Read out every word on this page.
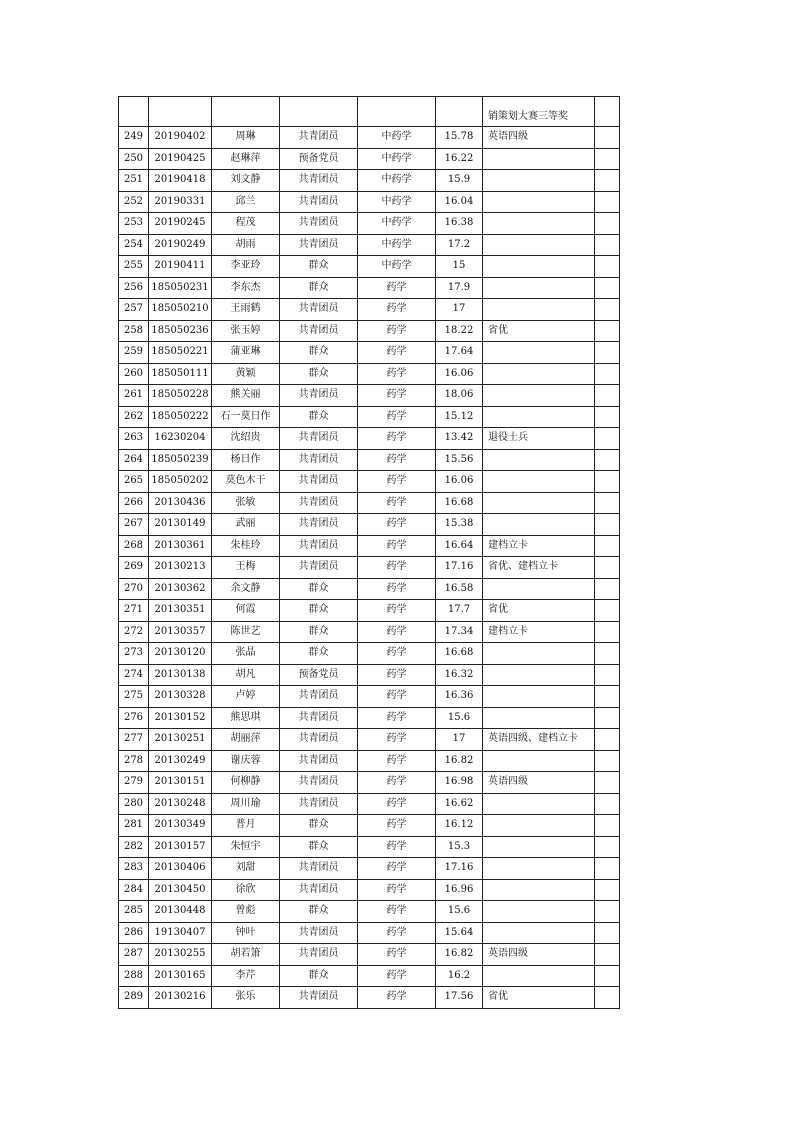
						销策划大赛三等奖	
249	20190402	周琳	共青团员	中药学	15.78	英语四级	
250	20190425	赵琳萍	预备党员	中药学	16.22		
251	20190418	刘文静	共青团员	中药学	15.9		
252	20190331	邱兰	共青团员	中药学	16.04		
253	20190245	程茂	共青团员	中药学	16.38		
254	20190249	胡雨	共青团员	中药学	17.2		
255	20190411	李亚玲	群众	中药学	15		
256	185050231	李东杰	群众	药学	17.9		
257	185050210	王雨鹤	共青团员	药学	17		
258	185050236	张玉婷	共青团员	药学	18.22	省优	
259	185050221	蒲亚琳	群众	药学	17.64		
260	185050111	黄颖	群众	药学	16.06		
261	185050228	熊关丽	共青团员	药学	18.06		
262	185050222	石一莫日作	群众	药学	15.12		
263	16230204	沈绍贵	共青团员	药学	13.42	退役士兵	
264	185050239	杨日作	共青团员	药学	15.56		
265	185050202	莫色木干	共青团员	药学	16.06		
266	20130436	张敏	共青团员	药学	16.68		
267	20130149	武丽	共青团员	药学	15.38		
268	20130361	朱桂玲	共青团员	药学	16.64	建档立卡	
269	20130213	王梅	共青团员	药学	17.16	省优、建档立卡	
270	20130362	余文静	群众	药学	16.58		
271	20130351	何霞	群众	药学	17.7	省优	
272	20130357	陈世艺	群众	药学	17.34	建档立卡	
273	20130120	张晶	群众	药学	16.68		
274	20130138	胡凡	预备党员	药学	16.32		
275	20130328	卢婷	共青团员	药学	16.36		
276	20130152	熊思琪	共青团员	药学	15.6		
277	20130251	胡丽萍	共青团员	药学	17	英语四级、建档立卡	
278	20130249	谢庆蓉	共青团员	药学	16.82		
279	20130151	何柳静	共青团员	药学	16.98	英语四级	
280	20130248	周川瑜	共青团员	药学	16.62		
281	20130349	普月	群众	药学	16.12		
282	20130157	朱恒宇	群众	药学	15.3		
283	20130406	刘甜	共青团员	药学	17.16		
284	20130450	徐欣	共青团员	药学	16.96		
285	20130448	曾彪	群众	药学	15.6		
286	19130407	钟叶	共青团员	药学	15.64		
287	20130255	胡若箫	共青团员	药学	16.82	英语四级	
288	20130165	李芹	群众	药学	16.2		
289	20130216	张乐	共青团员	药学	17.56	省优	
